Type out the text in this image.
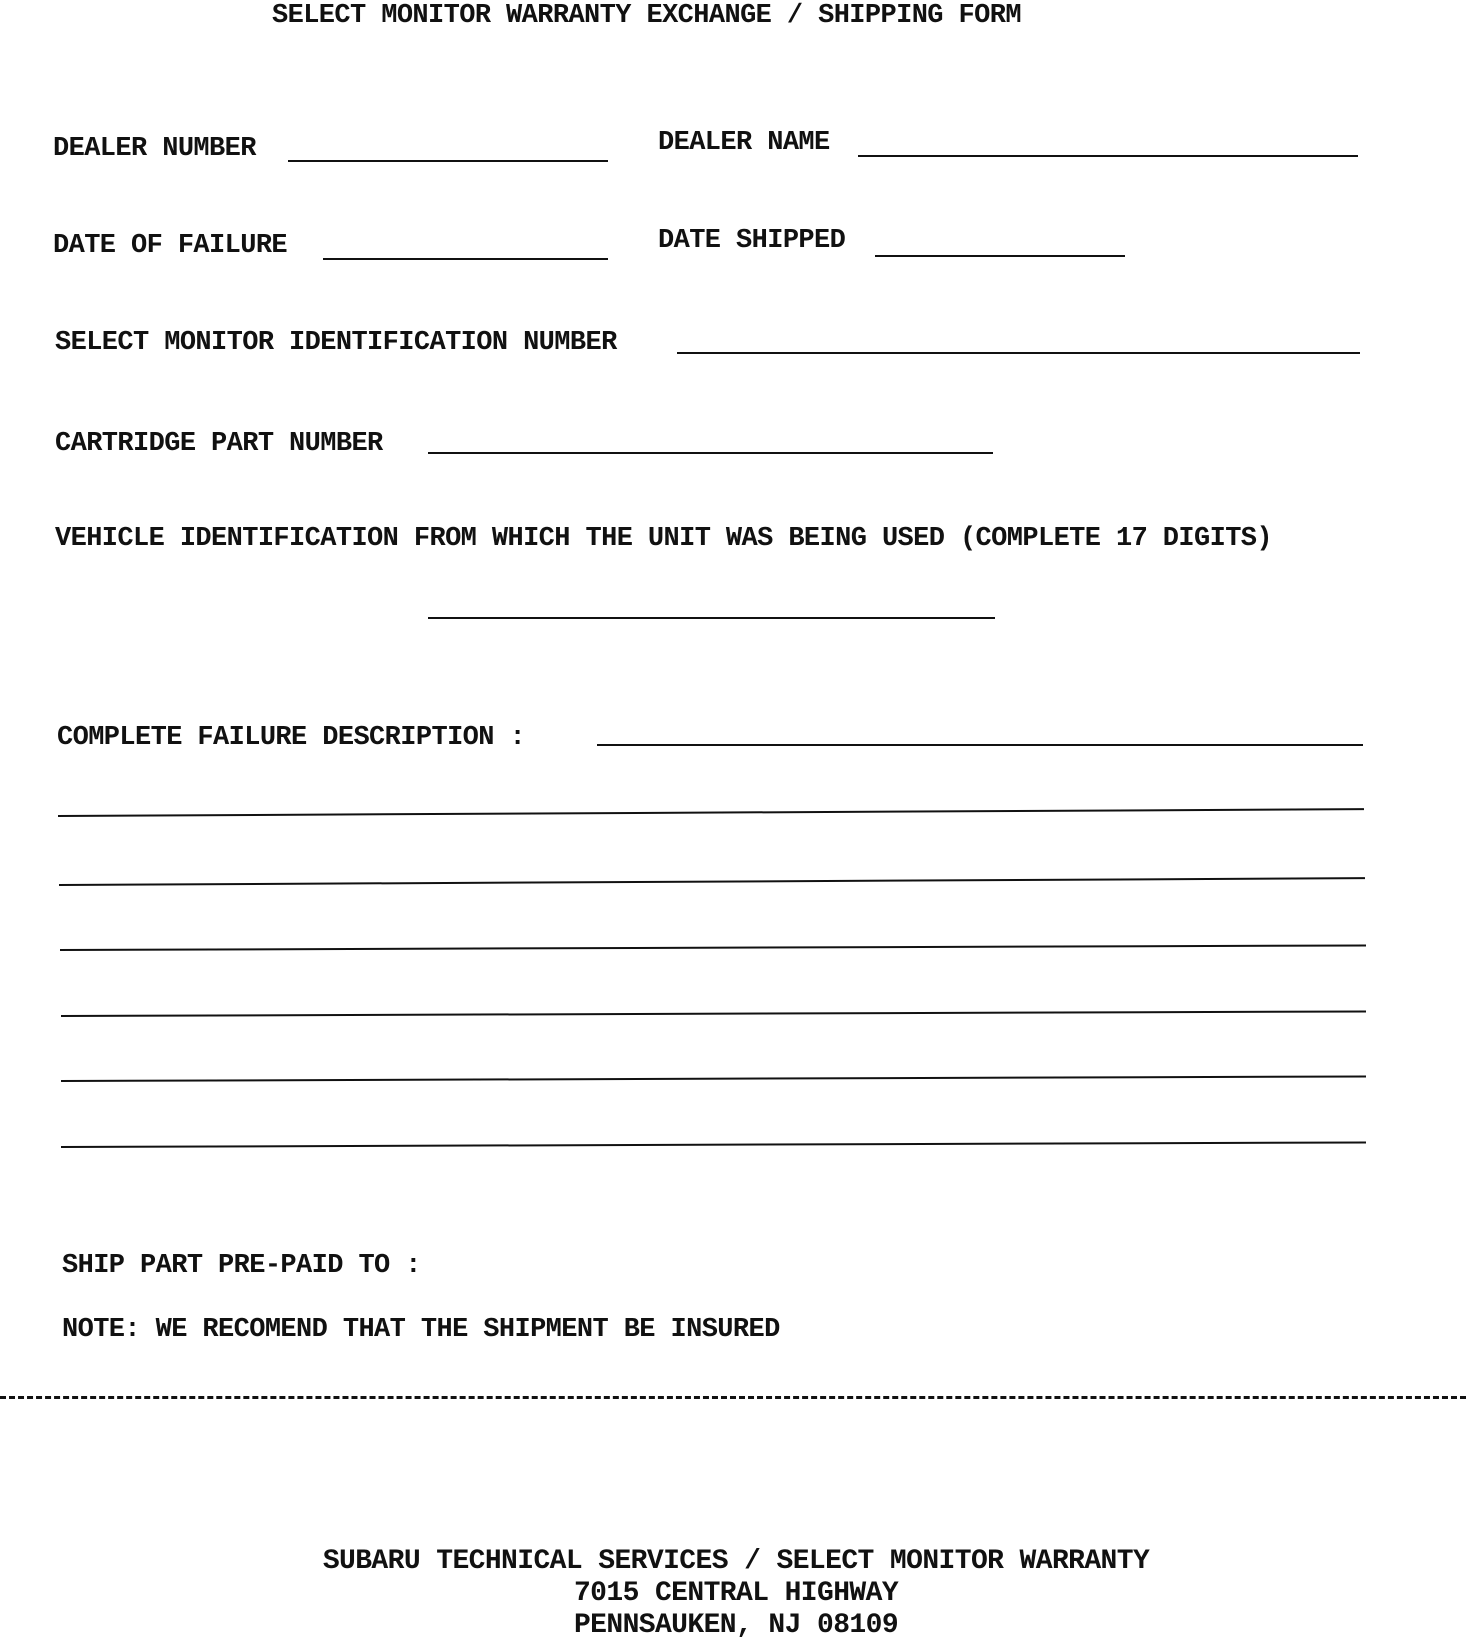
SELECT MONITOR WARRANTY EXCHANGE / SHIPPING FORM
DEALER NUMBER	DEALER NAME
DATE OF FAILURE	DATE SHIPPED
SELECT MONITOR IDENTIFICATION NUMBER
CARTRIDGE PART NUMBER
VEHICLE IDENTIFICATION FROM WHICH THE UNIT WAS BEING USED (COMPLETE 17 DIGITS)
COMPLETE FAILURE DESCRIPTION :
SHIP PART PRE-PAID TO :
NOTE: WE RECOMEND THAT THE SHIPMENT BE INSURED
SUBARU TECHNICAL SERVICES / SELECT MONITOR WARRANTY
7015 CENTRAL HIGHWAY
PENNSAUKEN, NJ 08109
